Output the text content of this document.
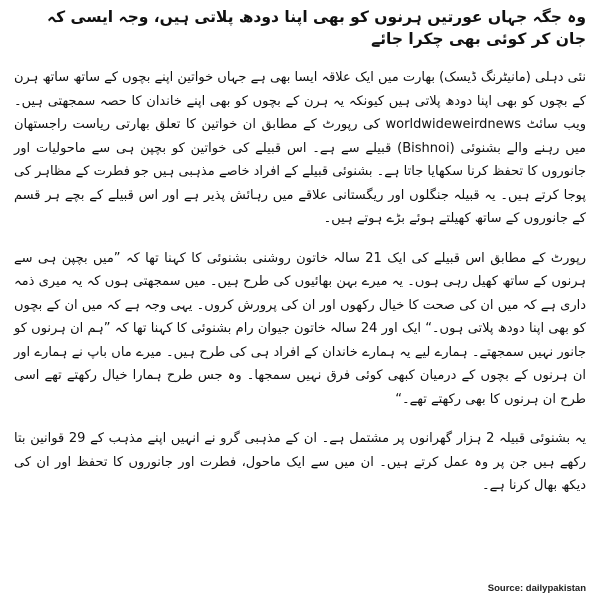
وہ جگہ جہاں عورتیں ہرنوں کو بھی اپنا دودھ پلاتی ہیں، وجہ ایسی کہ جان کر کوئی بھی چکرا جائے

نئی دہلی (مانیٹرنگ ڈیسک) بھارت میں ایک علاقہ ایسا بھی ہے جہاں خواتین اپنے بچوں کے ساتھ ساتھ ہرن کے بچوں کو بھی اپنا دودھ پلاتی ہیں کیونکہ یہ ہرن کے بچوں کو بھی اپنے خاندان کا حصہ سمجھتی ہیں۔ ویب سائٹ worldwideweirdnews کی رپورٹ کے مطابق ان خواتین کا تعلق بھارتی ریاست راجستھان میں رہنے والے بشنوئی (Bishnoi) قبیلے سے ہے۔ اس قبیلے کی خواتین کو بچپن ہی سے ماحولیات اور جانوروں کا تحفظ کرنا سکھایا جاتا ہے۔ بشنوئی قبیلے کے افراد خاصے مذہبی ہیں جو فطرت کے مظاہر کی پوجا کرتے ہیں۔ یہ قبیلہ جنگلوں اور ریگستانی علاقے میں رہائش پذیر ہے اور اس قبیلے کے بچے ہر قسم کے جانوروں کے ساتھ کھیلتے ہوئے بڑے ہوتے ہیں۔

رپورٹ کے مطابق اس قبیلے کی ایک 21 سالہ خاتون روشنی بشنوئی کا کہنا تھا کہ ”میں بچپن ہی سے ہرنوں کے ساتھ کھیل رہی ہوں۔ یہ میرے بہن بھائیوں کی طرح ہیں۔ میں سمجھتی ہوں کہ یہ میری ذمہ داری ہے کہ میں ان کی صحت کا خیال رکھوں اور ان کی پرورش کروں۔ یہی وجہ ہے کہ میں ان کے بچوں کو بھی اپنا دودھ پلاتی ہوں۔“ ایک اور 24 سالہ خاتون جیوان رام بشنوئی کا کہنا تھا کہ ”ہم ان ہرنوں کو جانور نہیں سمجھتے۔ ہمارے لیے یہ ہمارے خاندان کے افراد ہی کی طرح ہیں۔ میرے ماں باپ نے ہمارے اور ان ہرنوں کے بچوں کے درمیان کبھی کوئی فرق نہیں سمجھا۔ وہ جس طرح ہمارا خیال رکھتے تھے اسی طرح ان ہرنوں کا بھی رکھتے تھے۔“

یہ بشنوئی قبیلہ 2 ہزار گھرانوں پر مشتمل ہے۔ ان کے مذہبی گرو نے انہیں اپنے مذہب کے 29 قوانین بتا رکھے ہیں جن پر وہ عمل کرتے ہیں۔ ان میں سے ایک ماحول، فطرت اور جانوروں کا تحفظ اور ان کی دیکھ بھال کرنا ہے۔

Source: dailypakistan
